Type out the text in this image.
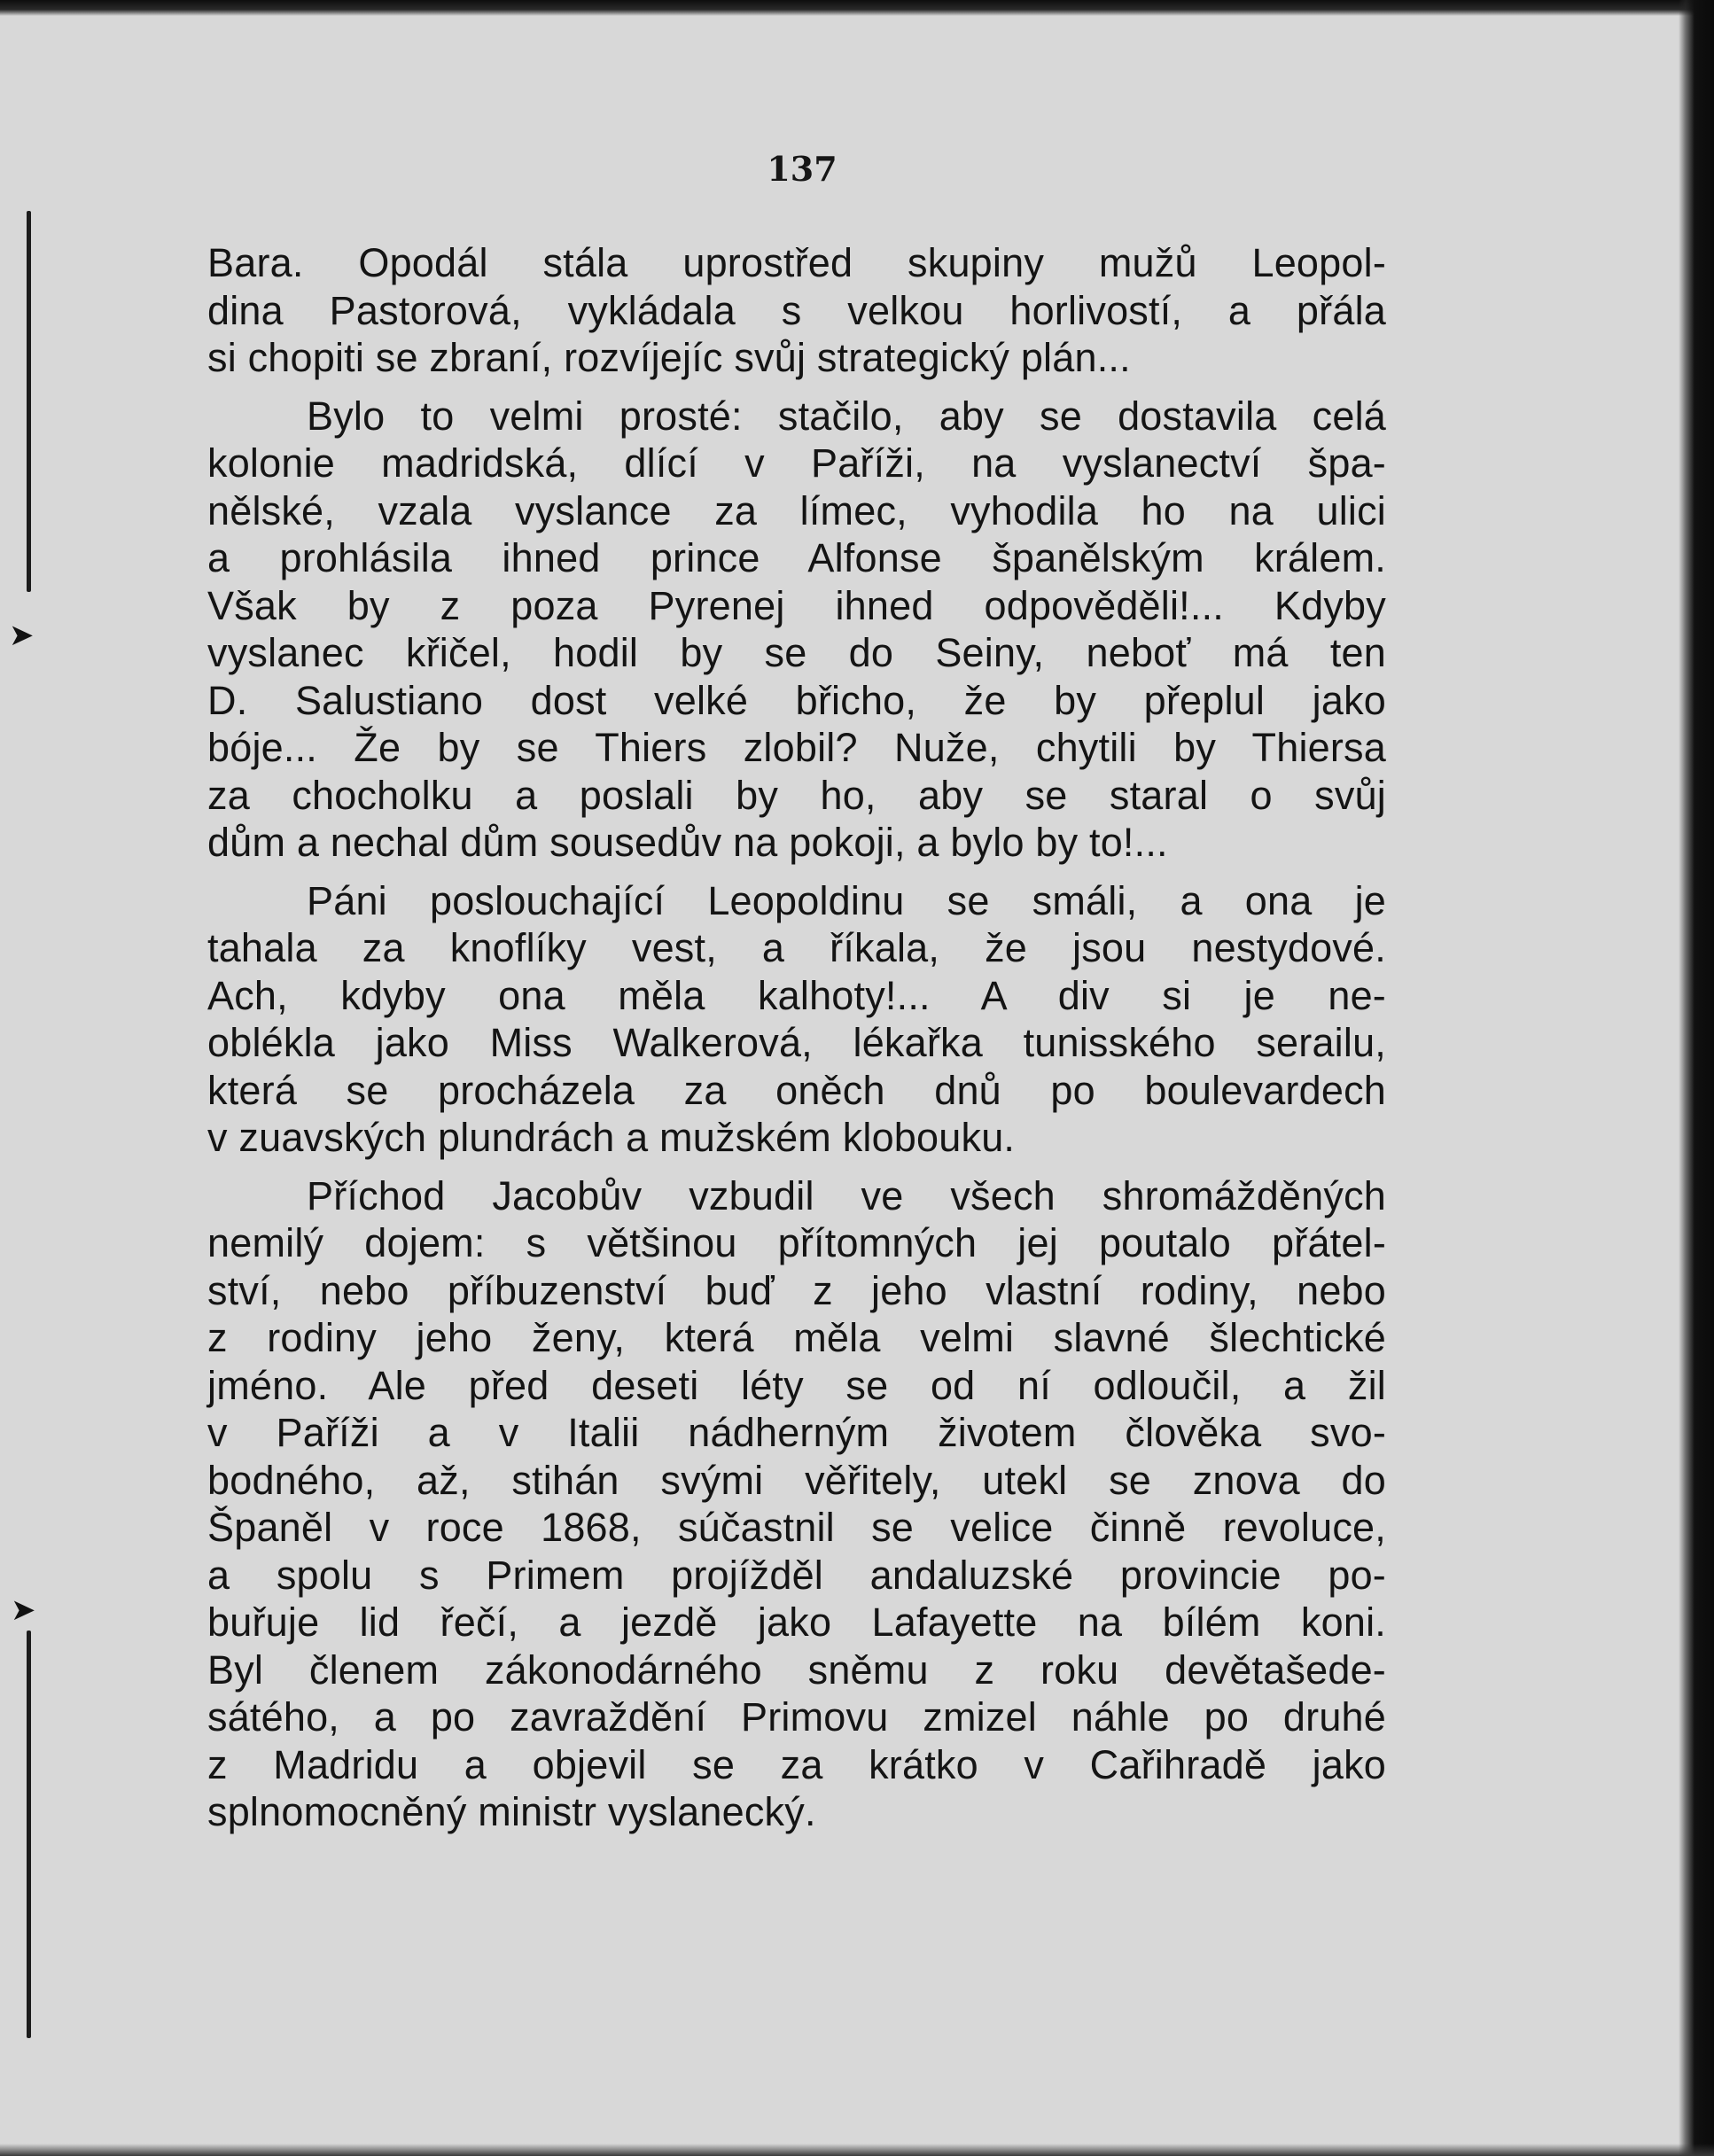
➤
➤
137
Bara. Opodál stála uprostřed skupiny mužů Leopol-
dina Pastorová, vykládala s velkou horlivostí, a přála
si chopiti se zbraní, rozvíjejíc svůj strategický plán...
Bylo to velmi prosté: stačilo, aby se dostavila celá
kolonie madridská, dlící v Paříži, na vyslanectví špa-
nělské, vzala vyslance za límec, vyhodila ho na ulici
a prohlásila ihned prince Alfonse španělským králem.
Však by z poza Pyrenej ihned odpověděli!... Kdyby
vyslanec křičel, hodil by se do Seiny, neboť má ten
D. Salustiano dost velké břicho, že by přeplul jako
bóje... Že by se Thiers zlobil? Nuže, chytili by Thiersa
za chocholku a poslali by ho, aby se staral o svůj
dům a nechal dům sousedův na pokoji, a bylo by to!...
Páni poslouchající Leopoldinu se smáli, a ona je
tahala za knoflíky vest, a říkala, že jsou nestydové.
Ach, kdyby ona měla kalhoty!... A div si je ne-
oblékla jako Miss Walkerová, lékařka tunisského serailu,
která se procházela za oněch dnů po boulevardech
v zuavských plundrách a mužském klobouku.
Příchod Jacobův vzbudil ve všech shromážděných
nemilý dojem: s většinou přítomných jej poutalo přátel-
ství, nebo příbuzenství buď z jeho vlastní rodiny, nebo
z rodiny jeho ženy, která měla velmi slavné šlechtické
jméno. Ale před deseti léty se od ní odloučil, a žil
v Paříži a v Italii nádherným životem člověka svo-
bodného, až, stihán svými věřitely, utekl se znova do
Španěl v roce 1868, súčastnil se velice činně revoluce,
a spolu s Primem projížděl andaluzské provincie po-
buřuje lid řečí, a jezdě jako Lafayette na bílém koni.
Byl členem zákonodárného sněmu z roku devětašede-
sátého, a po zavraždění Primovu zmizel náhle po druhé
z Madridu a objevil se za krátko v Cařihradě jako
splnomocněný ministr vyslanecký.
